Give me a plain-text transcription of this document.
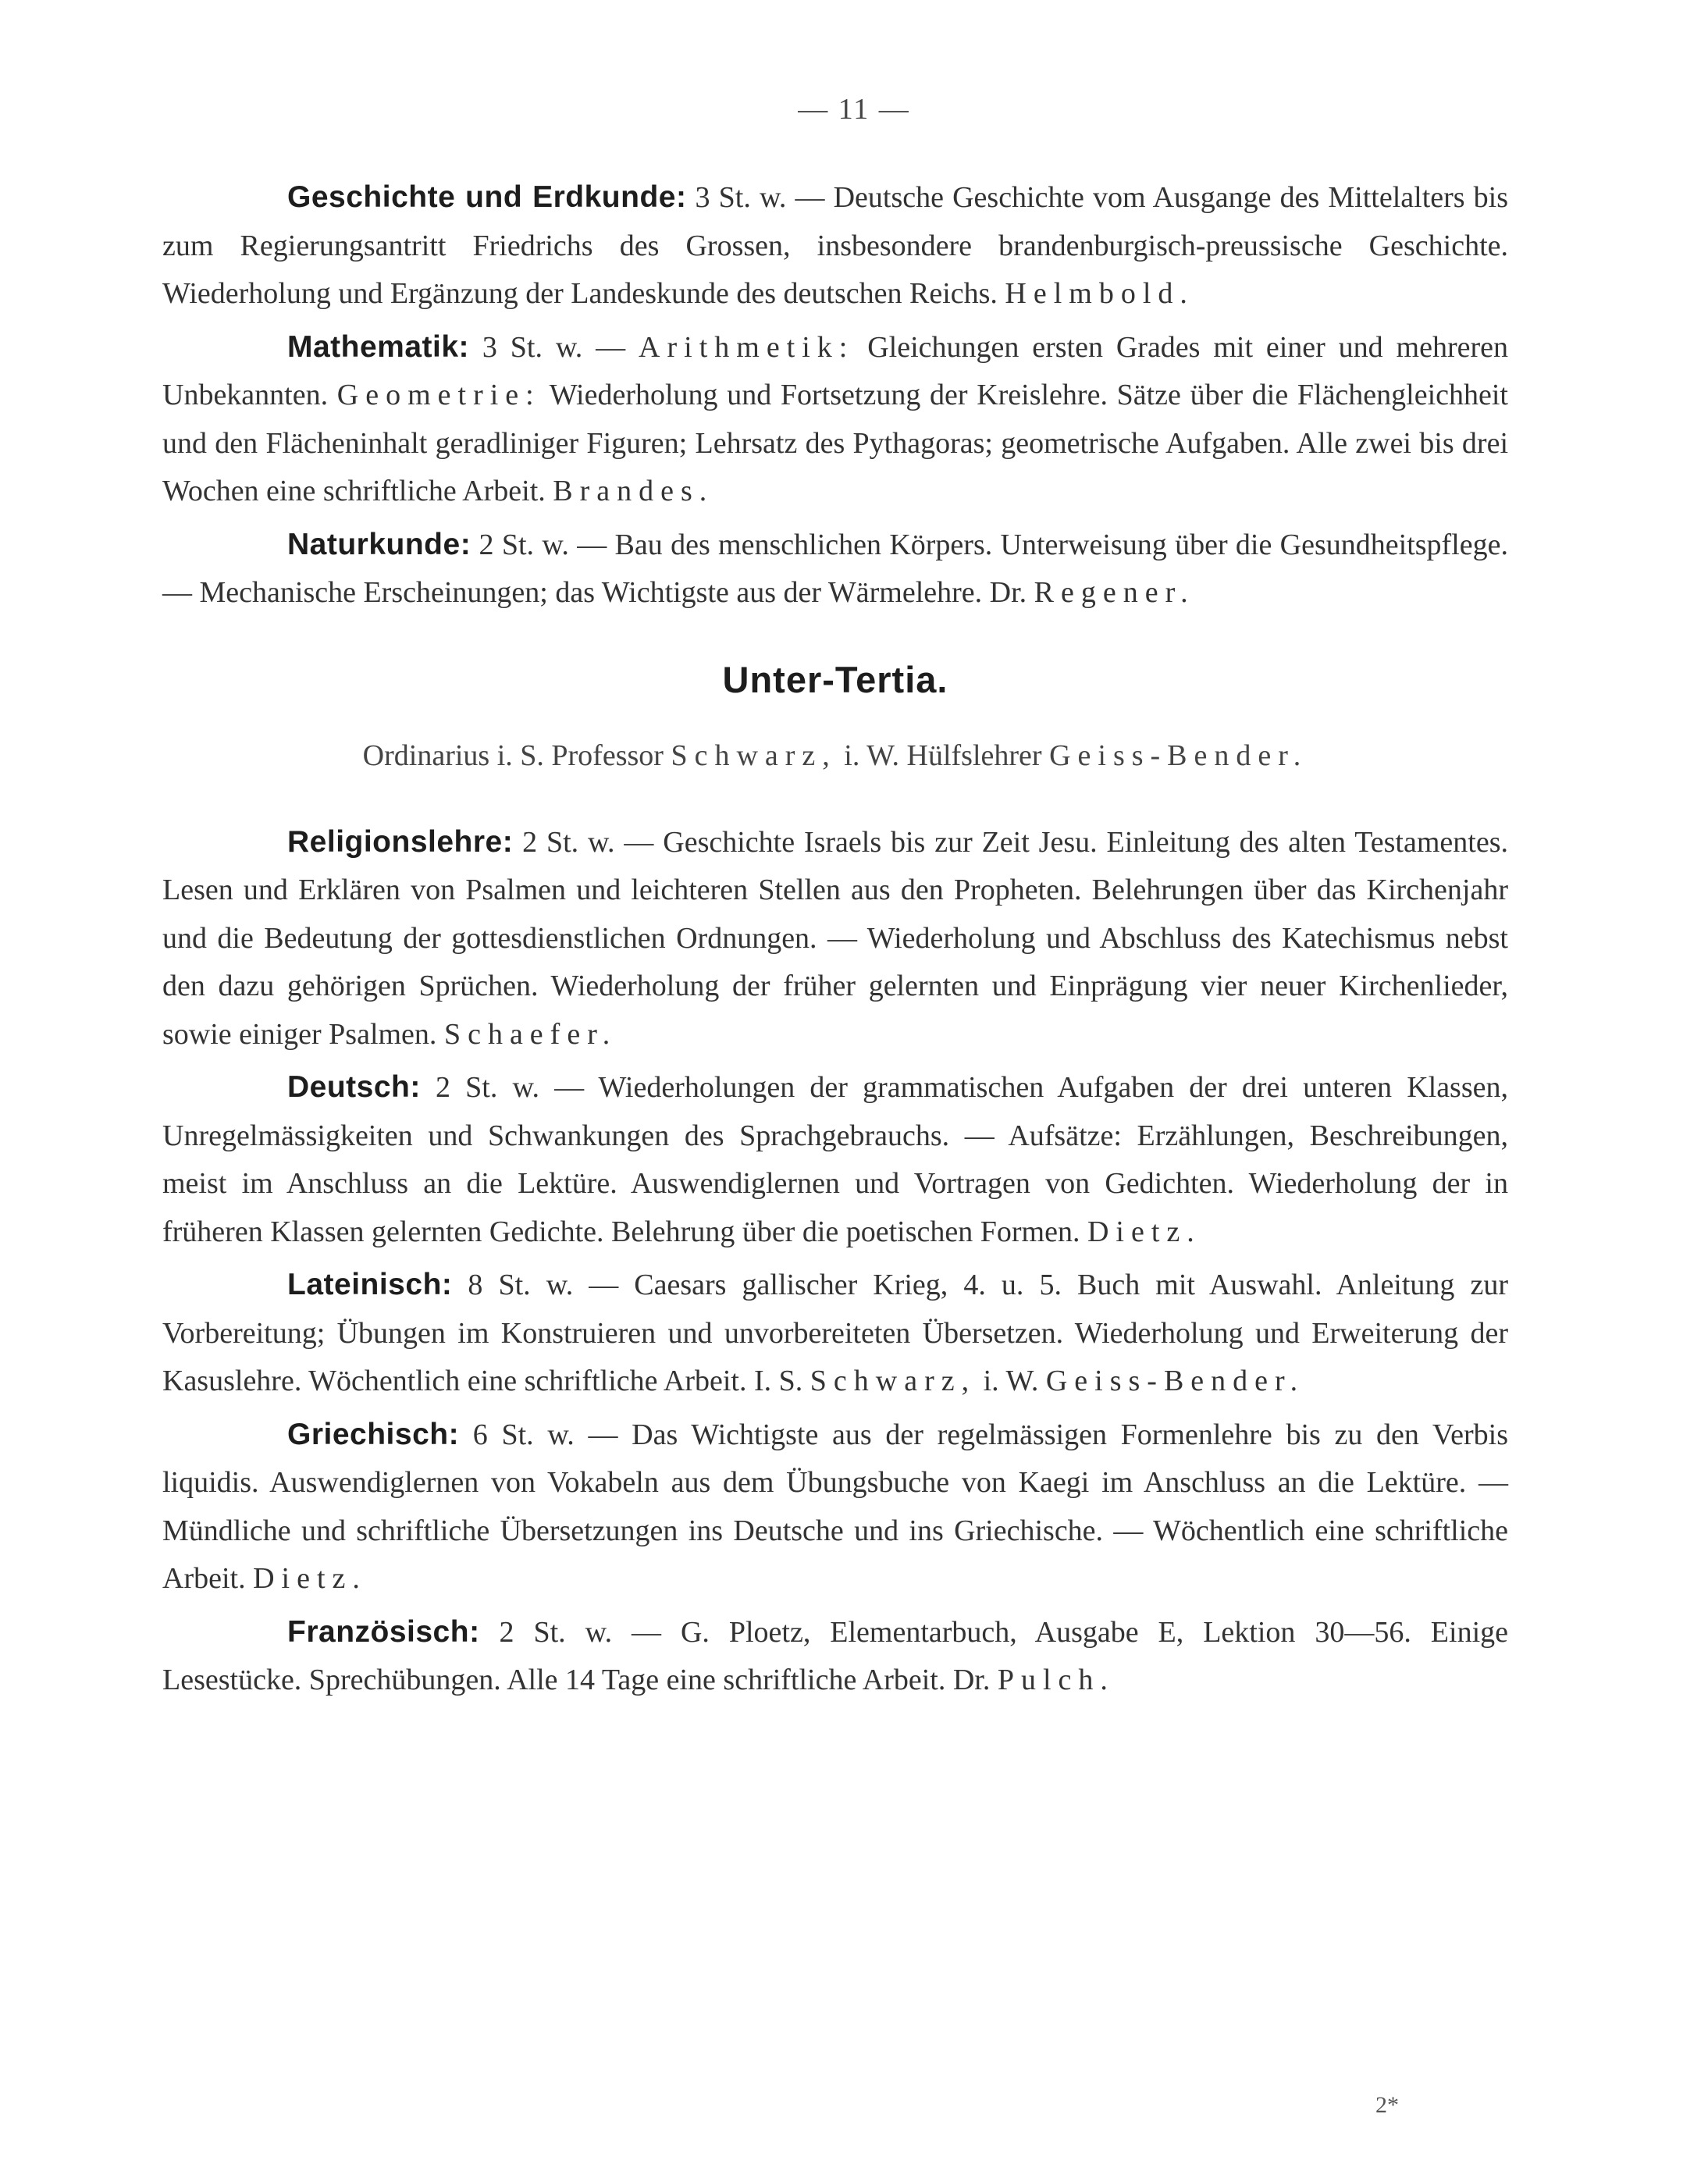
— 11 —

Geschichte und Erdkunde: 3 St. w. — Deutsche Geschichte vom Ausgange des Mittelalters bis zum Regierungsantritt Friedrichs des Grossen, insbesondere brandenburgisch-preussische Geschichte. Wiederholung und Ergänzung der Landeskunde des deutschen Reichs. Helmbold.

Mathematik: 3 St. w. — Arithmetik: Gleichungen ersten Grades mit einer und mehreren Unbekannten. Geometrie: Wiederholung und Fortsetzung der Kreislehre. Sätze über die Flächengleichheit und den Flächeninhalt geradliniger Figuren; Lehrsatz des Pythagoras; geometrische Aufgaben. Alle zwei bis drei Wochen eine schriftliche Arbeit. Brandes.

Naturkunde: 2 St. w. — Bau des menschlichen Körpers. Unterweisung über die Gesundheitspflege. — Mechanische Erscheinungen; das Wichtigste aus der Wärmelehre. Dr. Regener.

Unter-Tertia.
Ordinarius i. S. Professor Schwarz, i. W. Hülfslehrer Geiss-Bender.

Religionslehre: 2 St. w. — Geschichte Israels bis zur Zeit Jesu. Einleitung des alten Testamentes. Lesen und Erklären von Psalmen und leichteren Stellen aus den Propheten. Belehrungen über das Kirchenjahr und die Bedeutung der gottesdienstlichen Ordnungen. — Wiederholung und Abschluss des Katechismus nebst den dazu gehörigen Sprüchen. Wiederholung der früher gelernten und Einprägung vier neuer Kirchenlieder, sowie einiger Psalmen. Schaefer.

Deutsch: 2 St. w. — Wiederholungen der grammatischen Aufgaben der drei unteren Klassen, Unregelmässigkeiten und Schwankungen des Sprachgebrauchs. — Aufsätze: Erzählungen, Beschreibungen, meist im Anschluss an die Lektüre. Auswendiglernen und Vortragen von Gedichten. Wiederholung der in früheren Klassen gelernten Gedichte. Belehrung über die poetischen Formen. Dietz.

Lateinisch: 8 St. w. — Caesars gallischer Krieg, 4. u. 5. Buch mit Auswahl. Anleitung zur Vorbereitung; Übungen im Konstruieren und unvorbereiteten Übersetzen. Wiederholung und Erweiterung der Kasuslehre. Wöchentlich eine schriftliche Arbeit. I. S. Schwarz, i. W. Geiss-Bender.

Griechisch: 6 St. w. — Das Wichtigste aus der regelmässigen Formenlehre bis zu den Verbis liquidis. Auswendiglernen von Vokabeln aus dem Übungsbuche von Kaegi im Anschluss an die Lektüre. — Mündliche und schriftliche Übersetzungen ins Deutsche und ins Griechische. — Wöchentlich eine schriftliche Arbeit. Dietz.

Französisch: 2 St. w. — G. Ploetz, Elementarbuch, Ausgabe E, Lektion 30—56. Einige Lesestücke. Sprechübungen. Alle 14 Tage eine schriftliche Arbeit. Dr. Pulch.

2*
